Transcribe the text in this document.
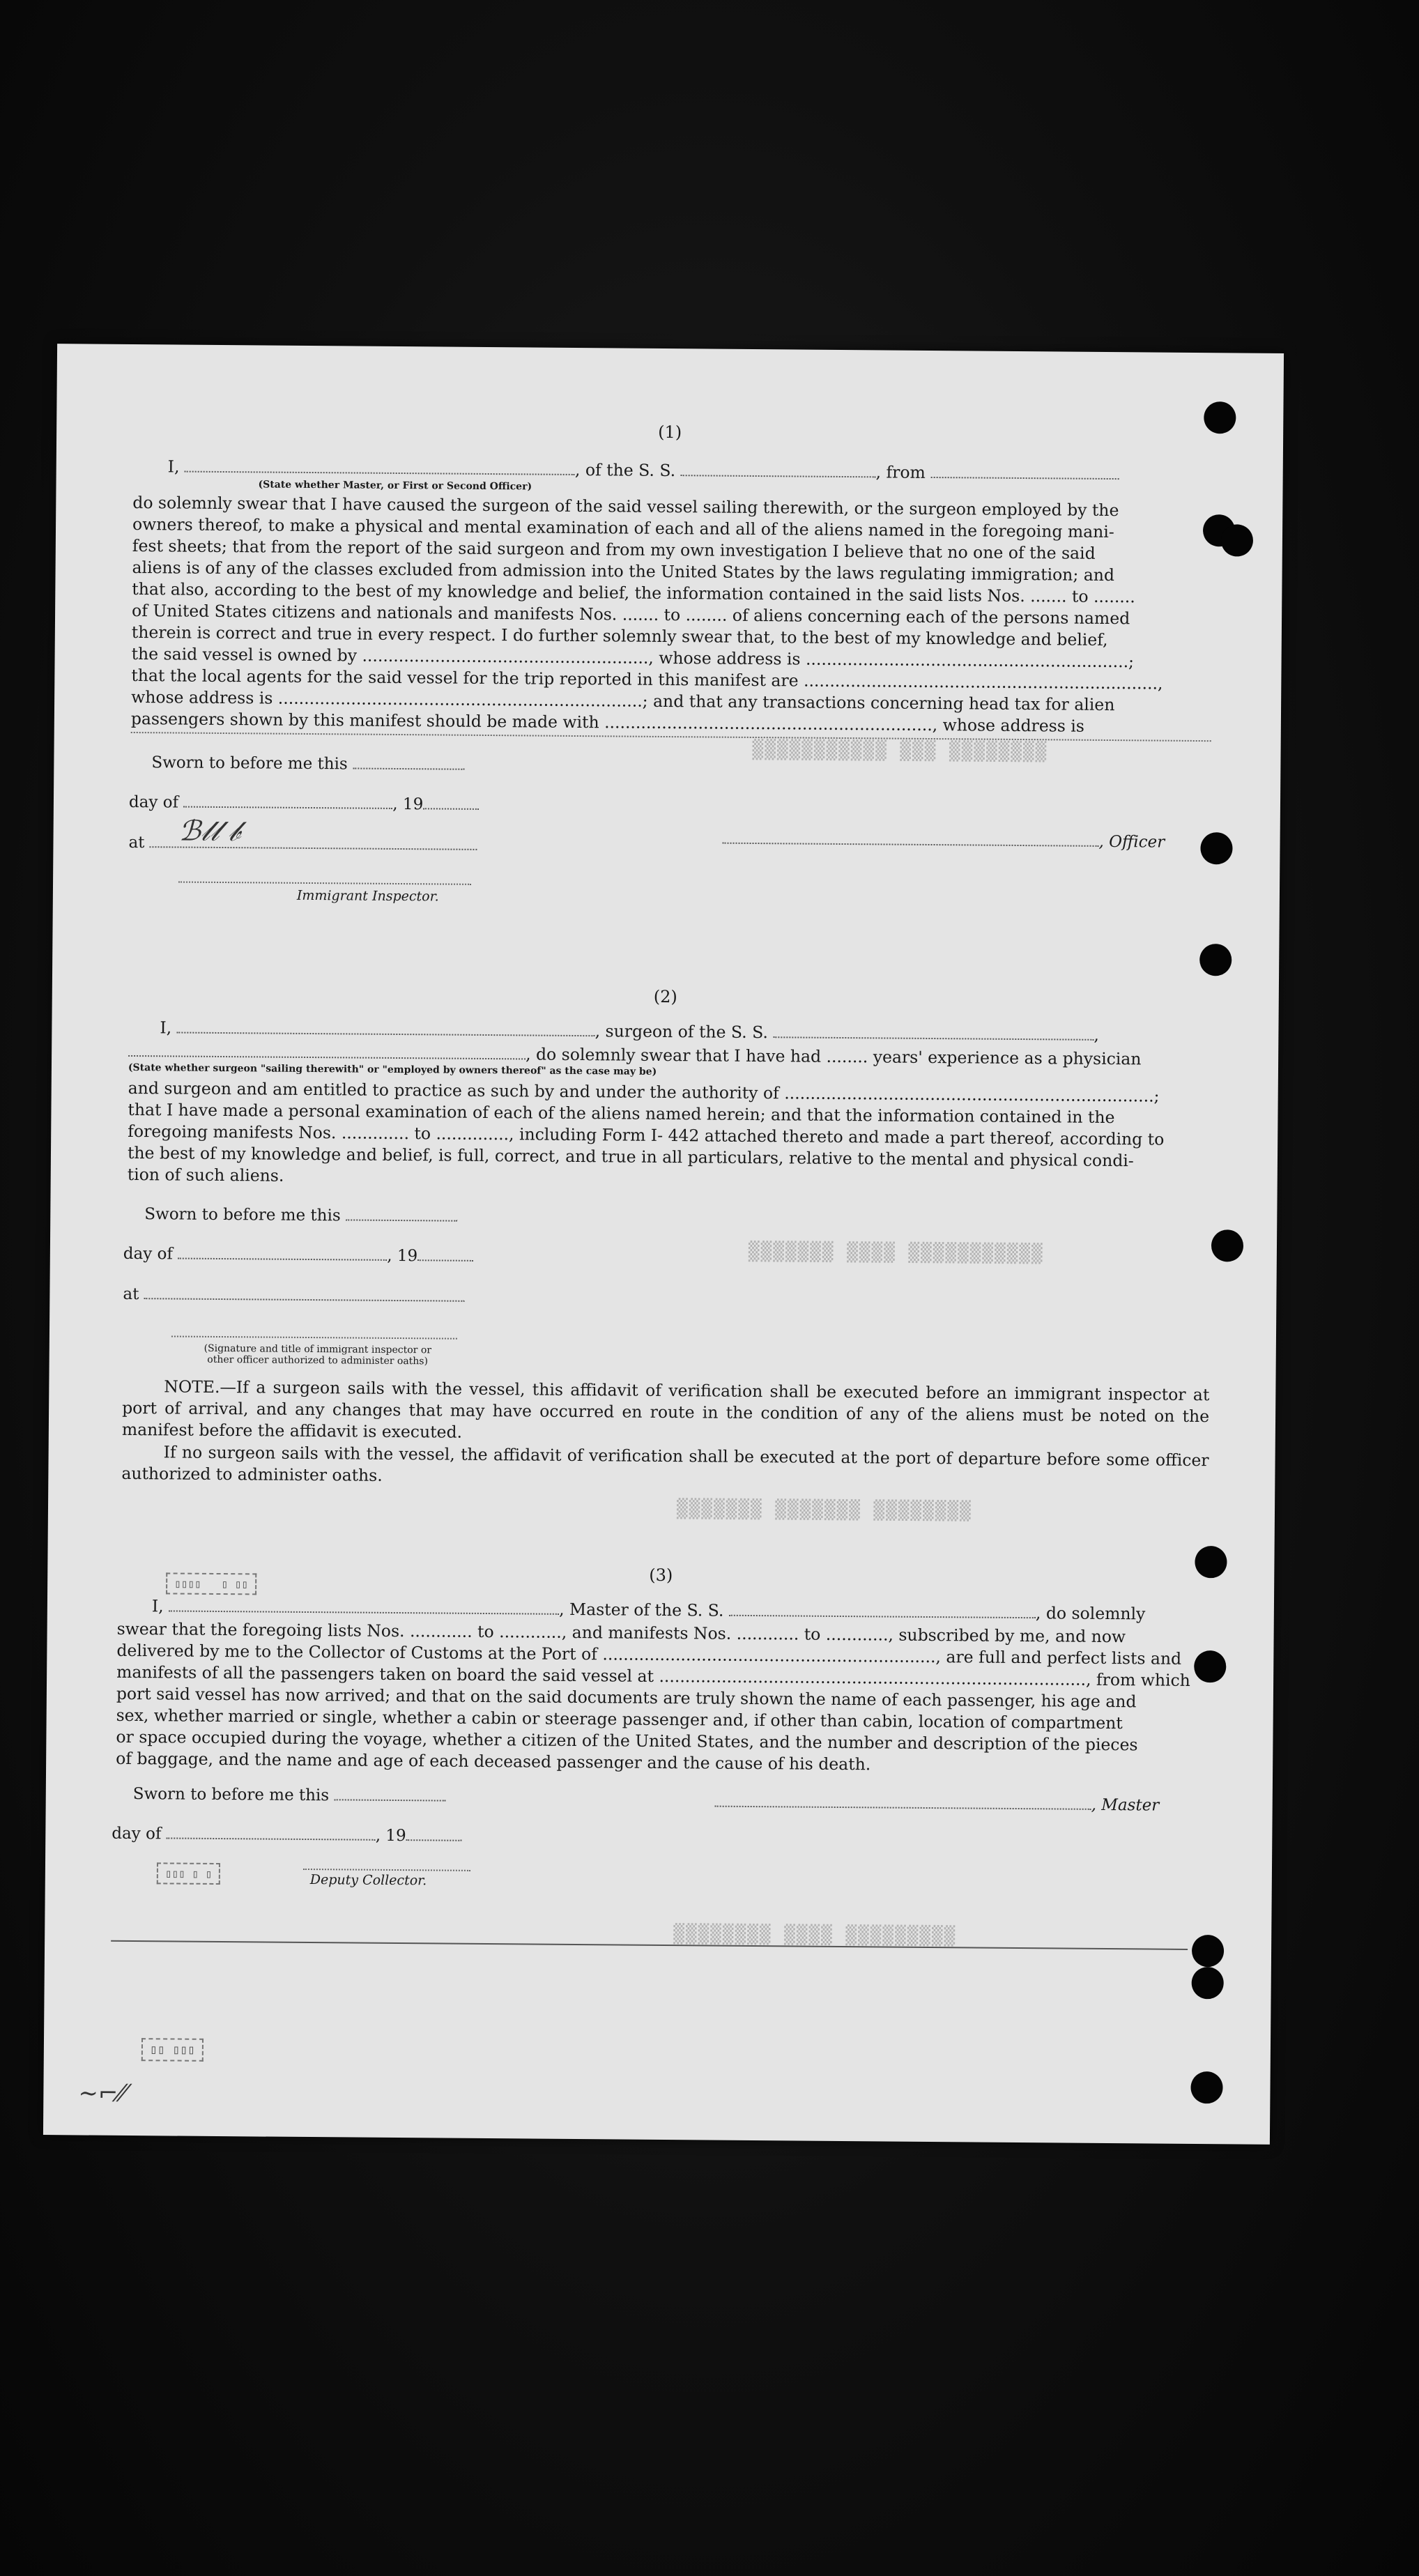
▒▒▒▒▒▒▒▒ ▒▒▒ ▒▒▒▒▒▒▒▒▒▒▒
▒▒▒▒▒▒▒▒▒▒▒ ▒▒▒▒ ▒▒▒▒▒▒▒
▒▒▒▒▒▒▒▒ ▒▒▒▒▒▒▒ ▒▒▒▒▒▒▒
▒▒▒▒▒▒▒▒▒ ▒▒▒▒ ▒▒▒▒▒▒▒▒
(1)
I,	, of the S. S.	, from
(State whether Master, or First or Second Officer)

do solemnly swear that I have caused the surgeon of the said vessel sailing therewith, or the surgeon employed by the

owners thereof, to make a physical and mental examination of each and all of the aliens named in the foregoing mani-

fest sheets; that from the report of the said surgeon and from my own investigation I believe that no one of the said

aliens is of any of the classes excluded from admission into the United States by the laws regulating immigration; and

that also, according to the best of my knowledge and belief, the information contained in the said lists Nos. ....... to ........

of United States citizens and nationals and manifests Nos. ....... to ........ of aliens concerning each of the persons named

therein is correct and true in every respect. I do further solemnly swear that, to the best of my knowledge and belief,

the said vessel is owned by ......................................................., whose address is ..............................................................;

that the local agents for the said vessel for the trip reported in this manifest are ....................................................................,

whose address is ......................................................................; and that any transactions concerning head tax for alien

passengers shown by this manifest should be made with ..............................................................., whose address is

Sworn to before me this
day of	, 19
at	ℬ⁠𝓁𝓁 𝒷
Immigrant Inspector.
, Officer
(2)
I,	, surgeon of the S. S.	,
, do solemnly swear that I have had ........ years' experience as a physician
(State whether surgeon "sailing therewith" or "employed by owners thereof" as the case may be)

and surgeon and am entitled to practice as such by and under the authority of .......................................................................;

that I have made a personal examination of each of the aliens named herein; and that the information contained in the

foregoing manifests Nos. ............. to .............., including Form I- 442 attached thereto and made a part thereof, according to

the best of my knowledge and belief, is full, correct, and true in all particulars, relative to the mental and physical condi-

tion of such aliens.

Sworn to before me this
day of	, 19
at
(Signature and title of immigrant inspector or
other officer authorized to administer oaths)
NOTE.—If a surgeon sails with the vessel, this affidavit of verification shall be executed before an immigrant inspector at port of arrival, and any changes that may have occurred en route in the condition of any of the aliens must be noted on the manifest before the affidavit is executed.
If no surgeon sails with the vessel, the affidavit of verification shall be executed at the port of departure before some officer authorized to administer oaths.
▯▯▯▯   ▯ ▯▯	(3)
I,	, Master of the S. S.	, do solemnly

swear that the foregoing lists Nos. ............ to ............, and manifests Nos. ............ to ............, subscribed by me, and now

delivered by me to the Collector of Customs at the Port of ................................................................, are full and perfect lists and

manifests of all the passengers taken on board the said vessel at .................................................................................., from which

port said vessel has now arrived; and that on the said documents are truly shown the name of each passenger, his age and

sex, whether married or single, whether a cabin or steerage passenger and, if other than cabin, location of compartment

or space occupied during the voyage, whether a citizen of the United States, and the number and description of the pieces

of baggage, and the name and age of each deceased passenger and the cause of his death.

Sworn to before me this
day of	, 19
, Master
▯▯▯ ▯ ▯	Deputy Collector.
▯▯ ▯▯▯
∼⌐⁄⁄
